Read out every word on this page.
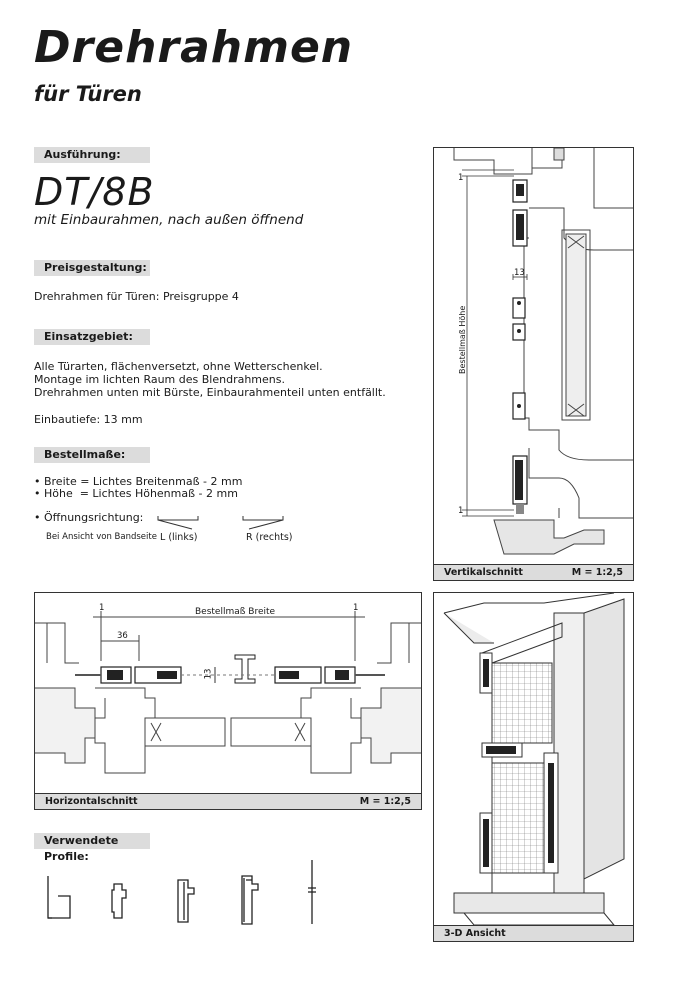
Drehrahmen
für Türen
Ausführung:
DT/8B
mit Einbaurahmen, nach außen öffnend
Preisgestaltung:
Drehrahmen für Türen: Preisgruppe 4
Einsatzgebiet:
Alle Türarten, flächenversetzt, ohne Wetterschenkel.
Montage im lichten Raum des Blendrahmens.
Drehrahmen unten mit Bürste, Einbaurahmenteil unten entfällt.
Einbautiefe: 13 mm
Bestellmaße:
• Breite = Lichtes Breitenmaß - 2 mm
• Höhe  = Lichtes Höhenmaß - 2 mm
• Öffnungsrichtung:
Bei Ansicht von Bandseite L (links)	R (rechts)
1
1
13
Bestellmaß Höhe
Vertikalschnitt	M = 1:2,5
1	1
Bestellmaß Breite
36
13
Horizontalschnitt	M = 1:2,5
3-D Ansicht
Verwendete Profile:
